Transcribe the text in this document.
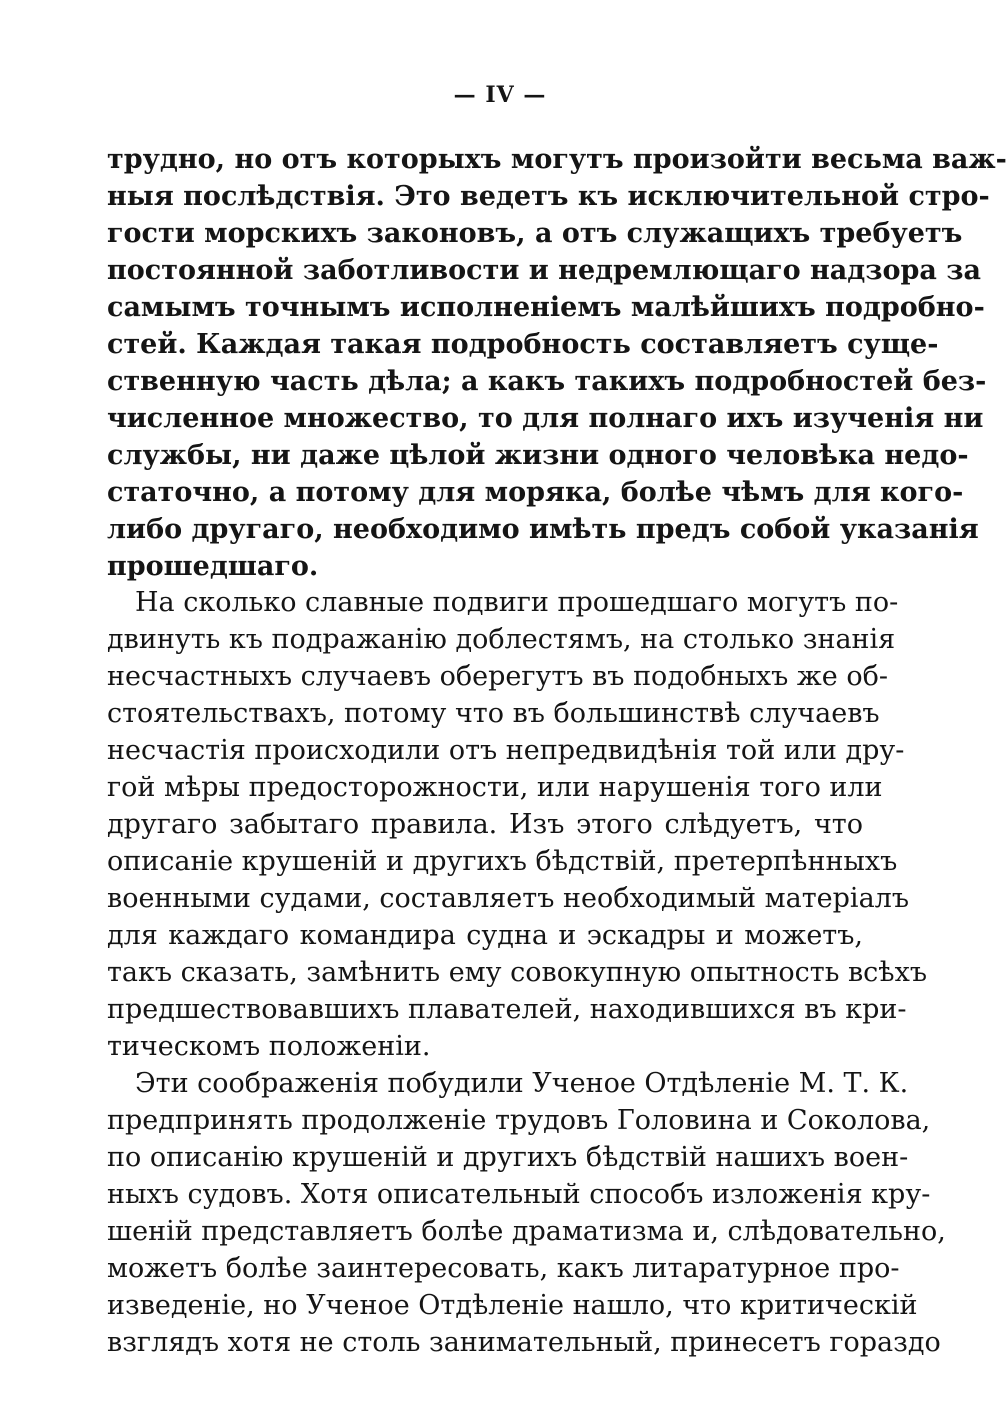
— IV —
трудно, но отъ которыхъ могутъ произойти весьма важ-
ныя послѣдствія. Это ведетъ къ исключительной стро-
гости морскихъ законовъ, а отъ служащихъ требуетъ
постоянной заботливости и недремлющаго надзора за
самымъ точнымъ исполненіемъ малѣйшихъ подробно-
стей. Каждая такая подробность составляетъ суще-
ственную часть дѣла; а какъ такихъ подробностей без-
численное множество, то для полнаго ихъ изученія ни
службы, ни даже цѣлой жизни одного человѣка недо-
статочно, а потому для моряка, болѣе чѣмъ для кого-
либо другаго, необходимо имѣть предъ собой указанія
прошедшаго.
На сколько славные подвиги прошедшаго могутъ по-
двинуть къ подражанію доблестямъ, на столько знанія
несчастныхъ случаевъ оберегутъ въ подобныхъ же об-
стоятельствахъ, потому что въ большинствѣ случаевъ
несчастія происходили отъ непредвидѣнія той или дру-
гой мѣры предосторожности, или нарушенія того или
другаго забытаго правила. Изъ этого слѣдуетъ, что
описаніе крушеній и другихъ бѣдствій, претерпѣнныхъ
военными судами, составляетъ необходимый матеріалъ
для каждаго командира судна и эскадры и можетъ,
такъ сказать, замѣнить ему совокупную опытность всѣхъ
предшествовавшихъ плавателей, находившихся въ кри-
тическомъ положеніи.
Эти соображенія побудили Ученое Отдѣленіе М. Т. К.
предпринять продолженіе трудовъ Головина и Соколова,
по описанію крушеній и другихъ бѣдствій нашихъ воен-
ныхъ судовъ. Хотя описательный способъ изложенія кру-
шеній представляетъ болѣе драматизма и, слѣдовательно,
можетъ болѣе заинтересовать, какъ литаратурное про-
изведеніе, но Ученое Отдѣленіе нашло, что критическій
взглядъ хотя не столь занимательный, принесетъ гораздо
